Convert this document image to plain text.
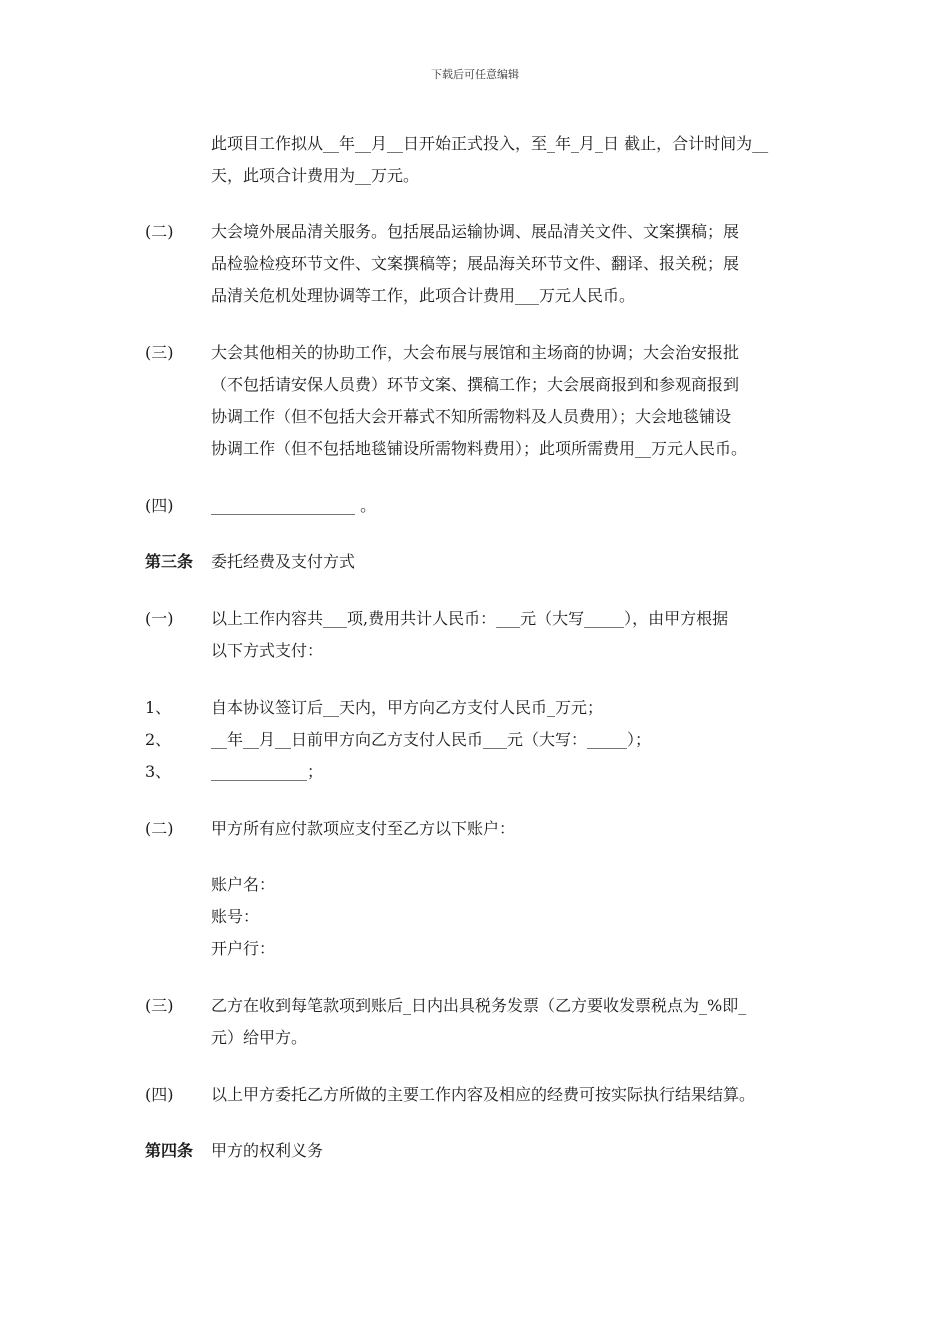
下载后可任意编辑
此项目工作拟从__年__月__日开始正式投入，至_年_月_日 截止，合计时间为__
天，此项合计费用为__万元。
(二) 大会境外展品清关服务。包括展品运输协调、展品清关文件、文案撰稿；展
品检验检疫环节文件、文案撰稿等；展品海关环节文件、翻译、报关税；展
品清关危机处理协调等工作，此项合计费用___万元人民币。
(三) 大会其他相关的协助工作，大会布展与展馆和主场商的协调；大会治安报批
（不包括请安保人员费）环节文案、撰稿工作；大会展商报到和参观商报到
协调工作（但不包括大会开幕式不知所需物料及人员费用）；大会地毯铺设
协调工作（但不包括地毯铺设所需物料费用）；此项所需费用__万元人民币。
(四) __________________ 。
第三条 委托经费及支付方式
(一) 以上工作内容共___项,费用共计人民币：___元（大写_____），由甲方根据
以下方式支付：
1、 自本协议签订后__天内，甲方向乙方支付人民币_万元；
2、 __年__月__日前甲方向乙方支付人民币___元（大写：_____）；
3、 ____________；
(二) 甲方所有应付款项应支付至乙方以下账户：
账户名：
账号：
开户行：
(三) 乙方在收到每笔款项到账后_日内出具税务发票（乙方要收发票税点为_%即_
元）给甲方。
(四) 以上甲方委托乙方所做的主要工作内容及相应的经费可按实际执行结果结算。
第四条 甲方的权利义务
